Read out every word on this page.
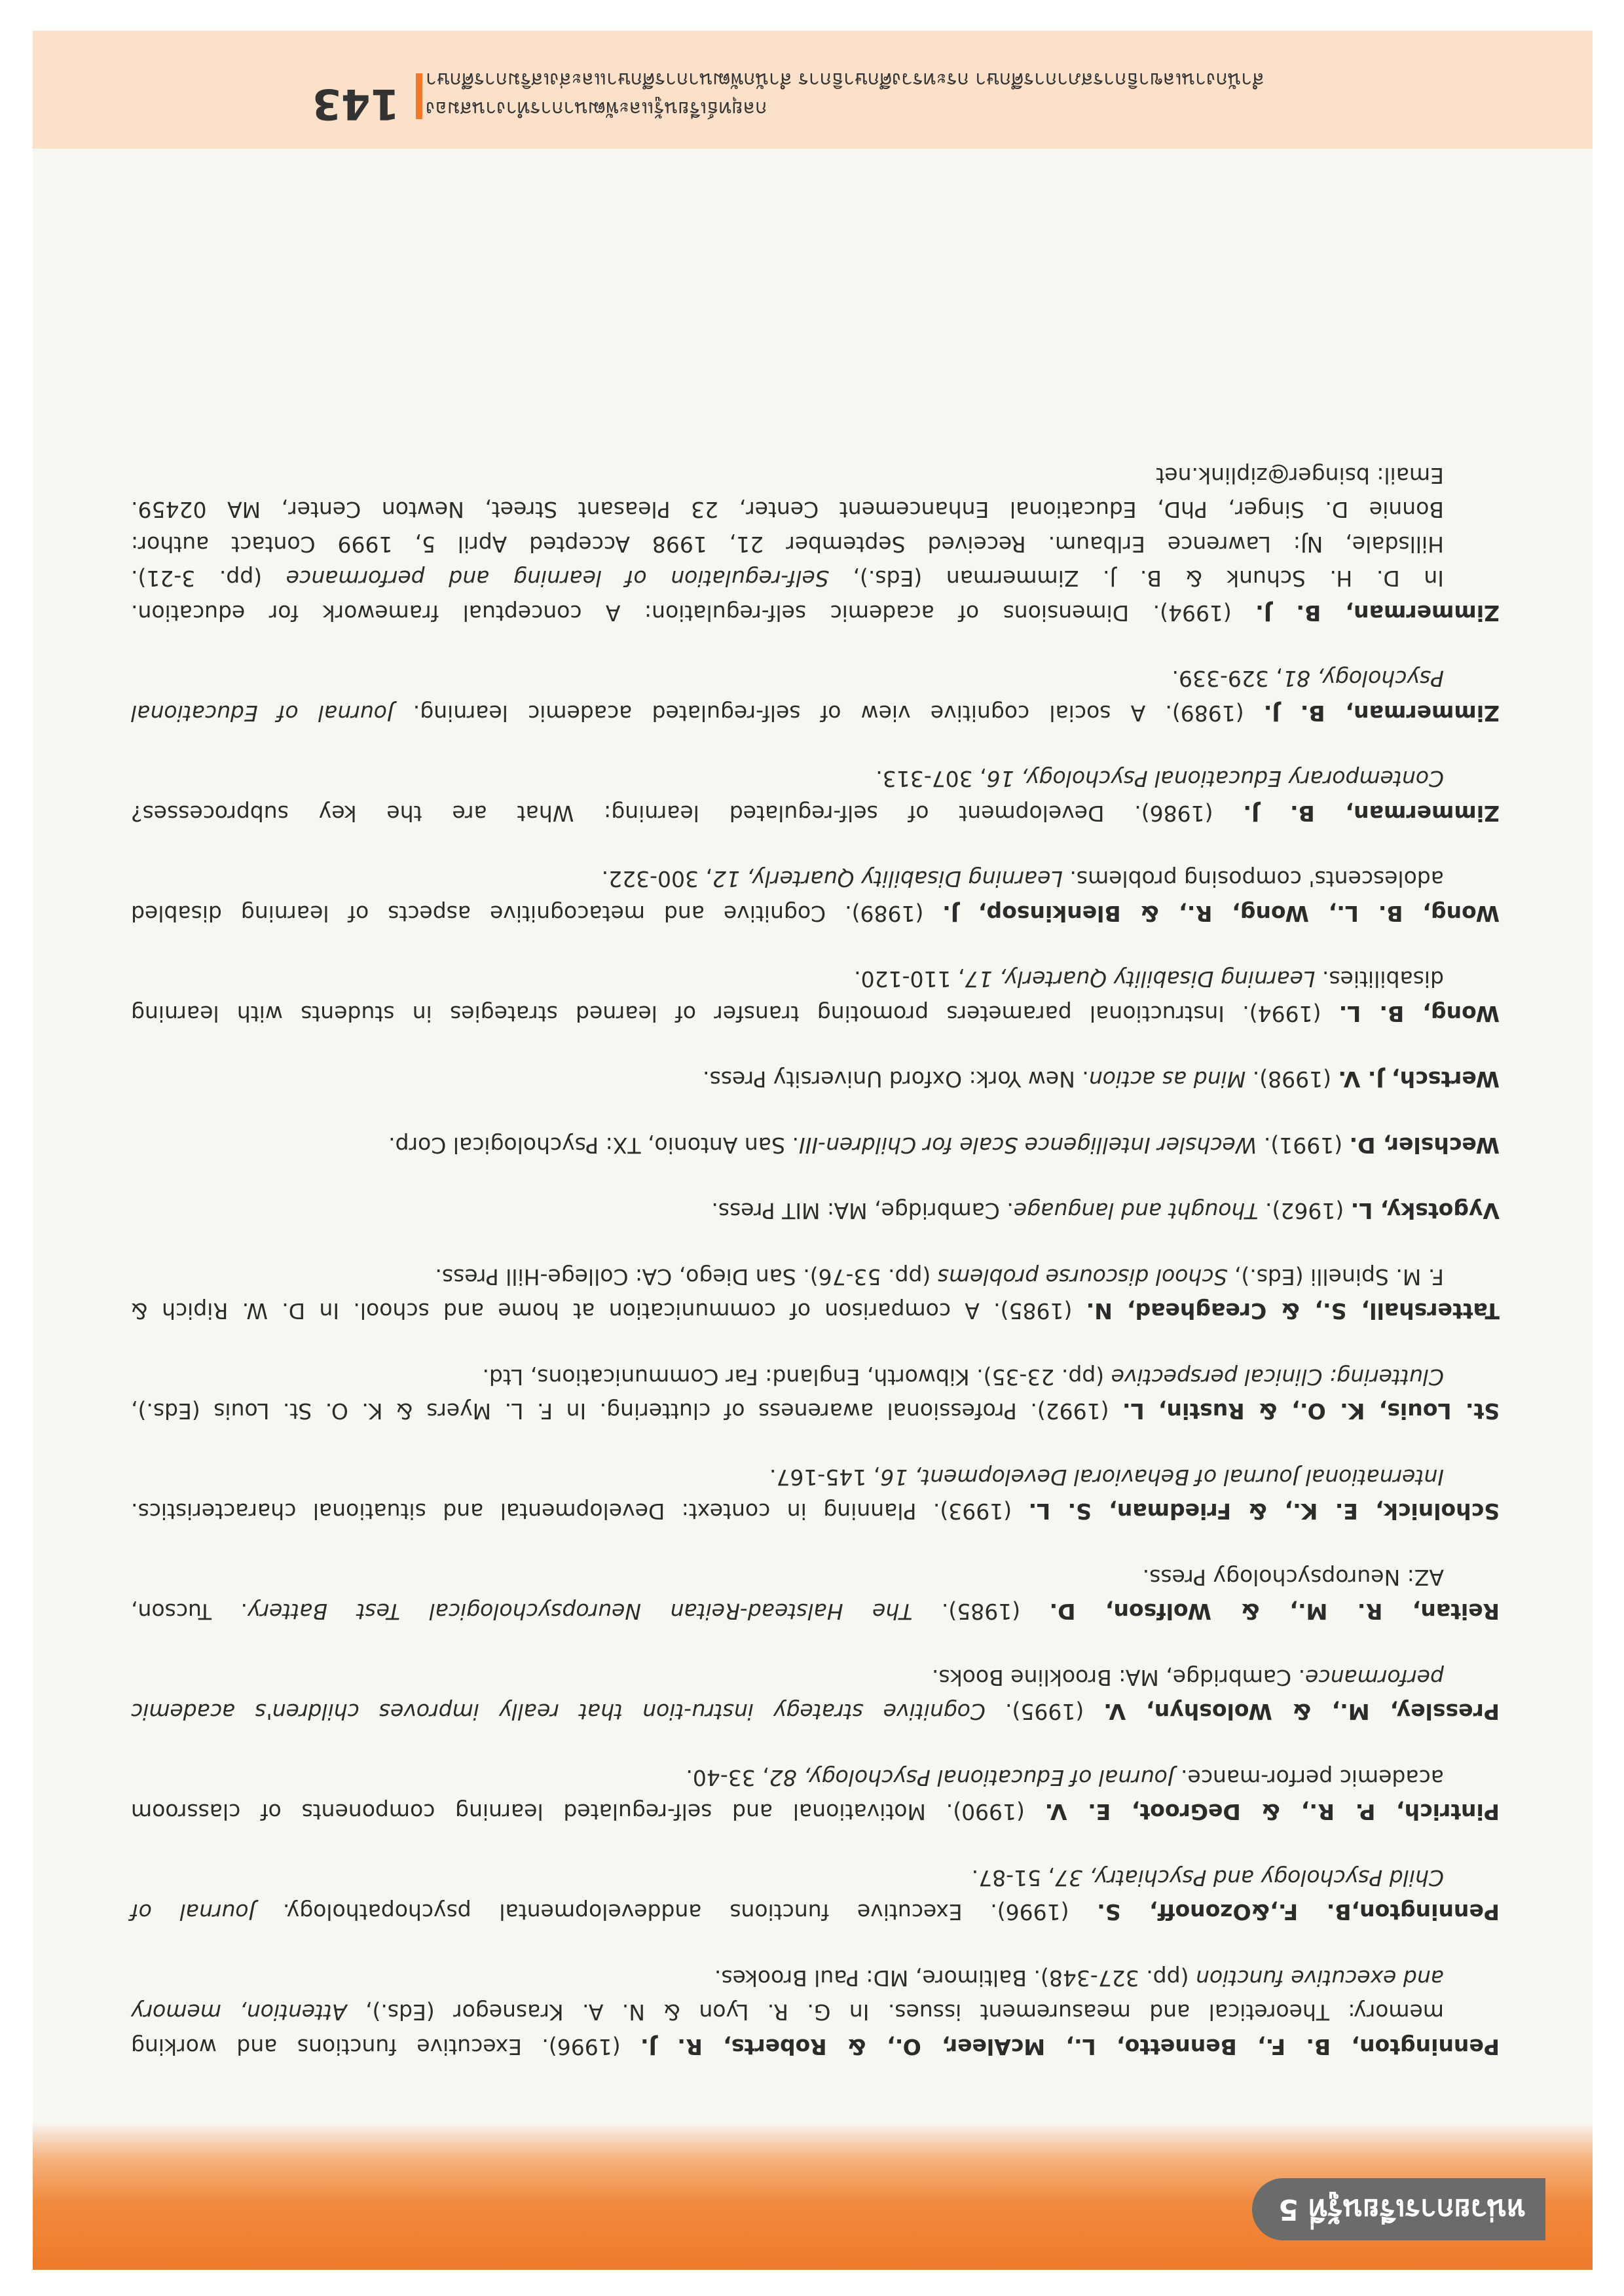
หน่วยการเรียนรู้ที่ 5
Pennington, B. F., Bennetto, L., McAleer, O., & Roberts, R. J. (1996). Executive functions and working
memory: Theoretical and measurement issues. In G. R. Lyon & N. A. Krasnegor (Eds.), Attention, memory
and executive function (pp. 327-348). Baltimore, MD: Paul Brookes.
Pennington,B. F.,&Ozonoff, S. (1996). Executive functions anddevelopmental psychopathology. Journal of
Child Psychology and Psychiatry, 37, 51-87.
Pintrich, P. R., & DeGroot, E. V. (1990). Motivational and self-regulated learning components of classroom
academic perfor-mance. Journal of Educational Psychology, 82, 33-40.
Pressley, M., & Woloshyn, V. (1995). Cognitive strategy instru-tion that really improves children's academic
performance. Cambridge, MA: Brookline Books.
Reitan, R. M., & Wolfson, D. (1985). The Halstead-Reitan Neuropsychological Test Battery. Tucson,
AZ: Neuropsychology Press.
Scholnick, E. K., & Friedman, S. L. (1993). Planning in context: Developmental and situational characteristics.
International Journal of Behavioral Development, 16, 145-167.
St. Louis, K. O., & Rustin, L. (1992). Professional awareness of cluttering. In F. L. Myers & K. O. St. Louis (Eds.),
Cluttering: Clinical perspective (pp. 23-35). Kibworth, England: Far Communications, Ltd.
Tattershall, S., & Creaghead, N. (1985). A comparison of communication at home and school. In D. W. Ripich &
F. M. Spinelli (Eds.), School discourse problems (pp. 53-76). San Diego, CA: College-Hill Press.
Vygotsky, L. (1962). Thought and language. Cambridge, MA: MIT Press.
Wechsler, D. (1991). Wechsler Intelligence Scale for Children-III. San Antonio, TX: Psychological Corp.
Wertsch, J. V. (1998). Mind as action. New York: Oxford University Press.
Wong, B. L. (1994). Instructional parameters promoting transfer of learned strategies in students with learning
disabilities. Learning Disability Quarterly, 17, 110-120.
Wong, B. L., Wong, R., & Blenkinsop, J. (1989). Cognitive and metacognitive aspects of learning disabled
adolescents' composing problems. Learning Disability Quarterly, 12, 300-322.
Zimmerman, B. J. (1986). Development of self-regulated learning: What are the key subprocesses?
Contemporary Educational Psychology, 16, 307-313.
Zimmerman, B. J. (1989). A social cognitive view of self-regulated academic learning. Journal of Educational
Psychology, 81, 329-339.
Zimmerman, B. J. (1994). Dimensions of academic self-regulation: A conceptual framework for education.
In D. H. Schunk & B. J. Zimmerman (Eds.), Self-regulation of learning and performance (pp. 3-21).
Hillsdale, NJ: Lawrence Erlbaum. Received September 21, 1998 Accepted April 5, 1999 Contact author:
Bonnie D. Singer, PhD, Educational Enhancement Center, 23 Pleasant Street, Newton Center, MA 02459.
Email: bsinger@ziplink.net
กลยุทธ์เรียนรู้และพัฒนาการทำงานสมอง
สำนักงานเลขาธิการสภาการศึกษา กระทรวงศึกษาธิการ สำนักพัฒนาการศึกษาและส่งเสริมการศึกษา
143
